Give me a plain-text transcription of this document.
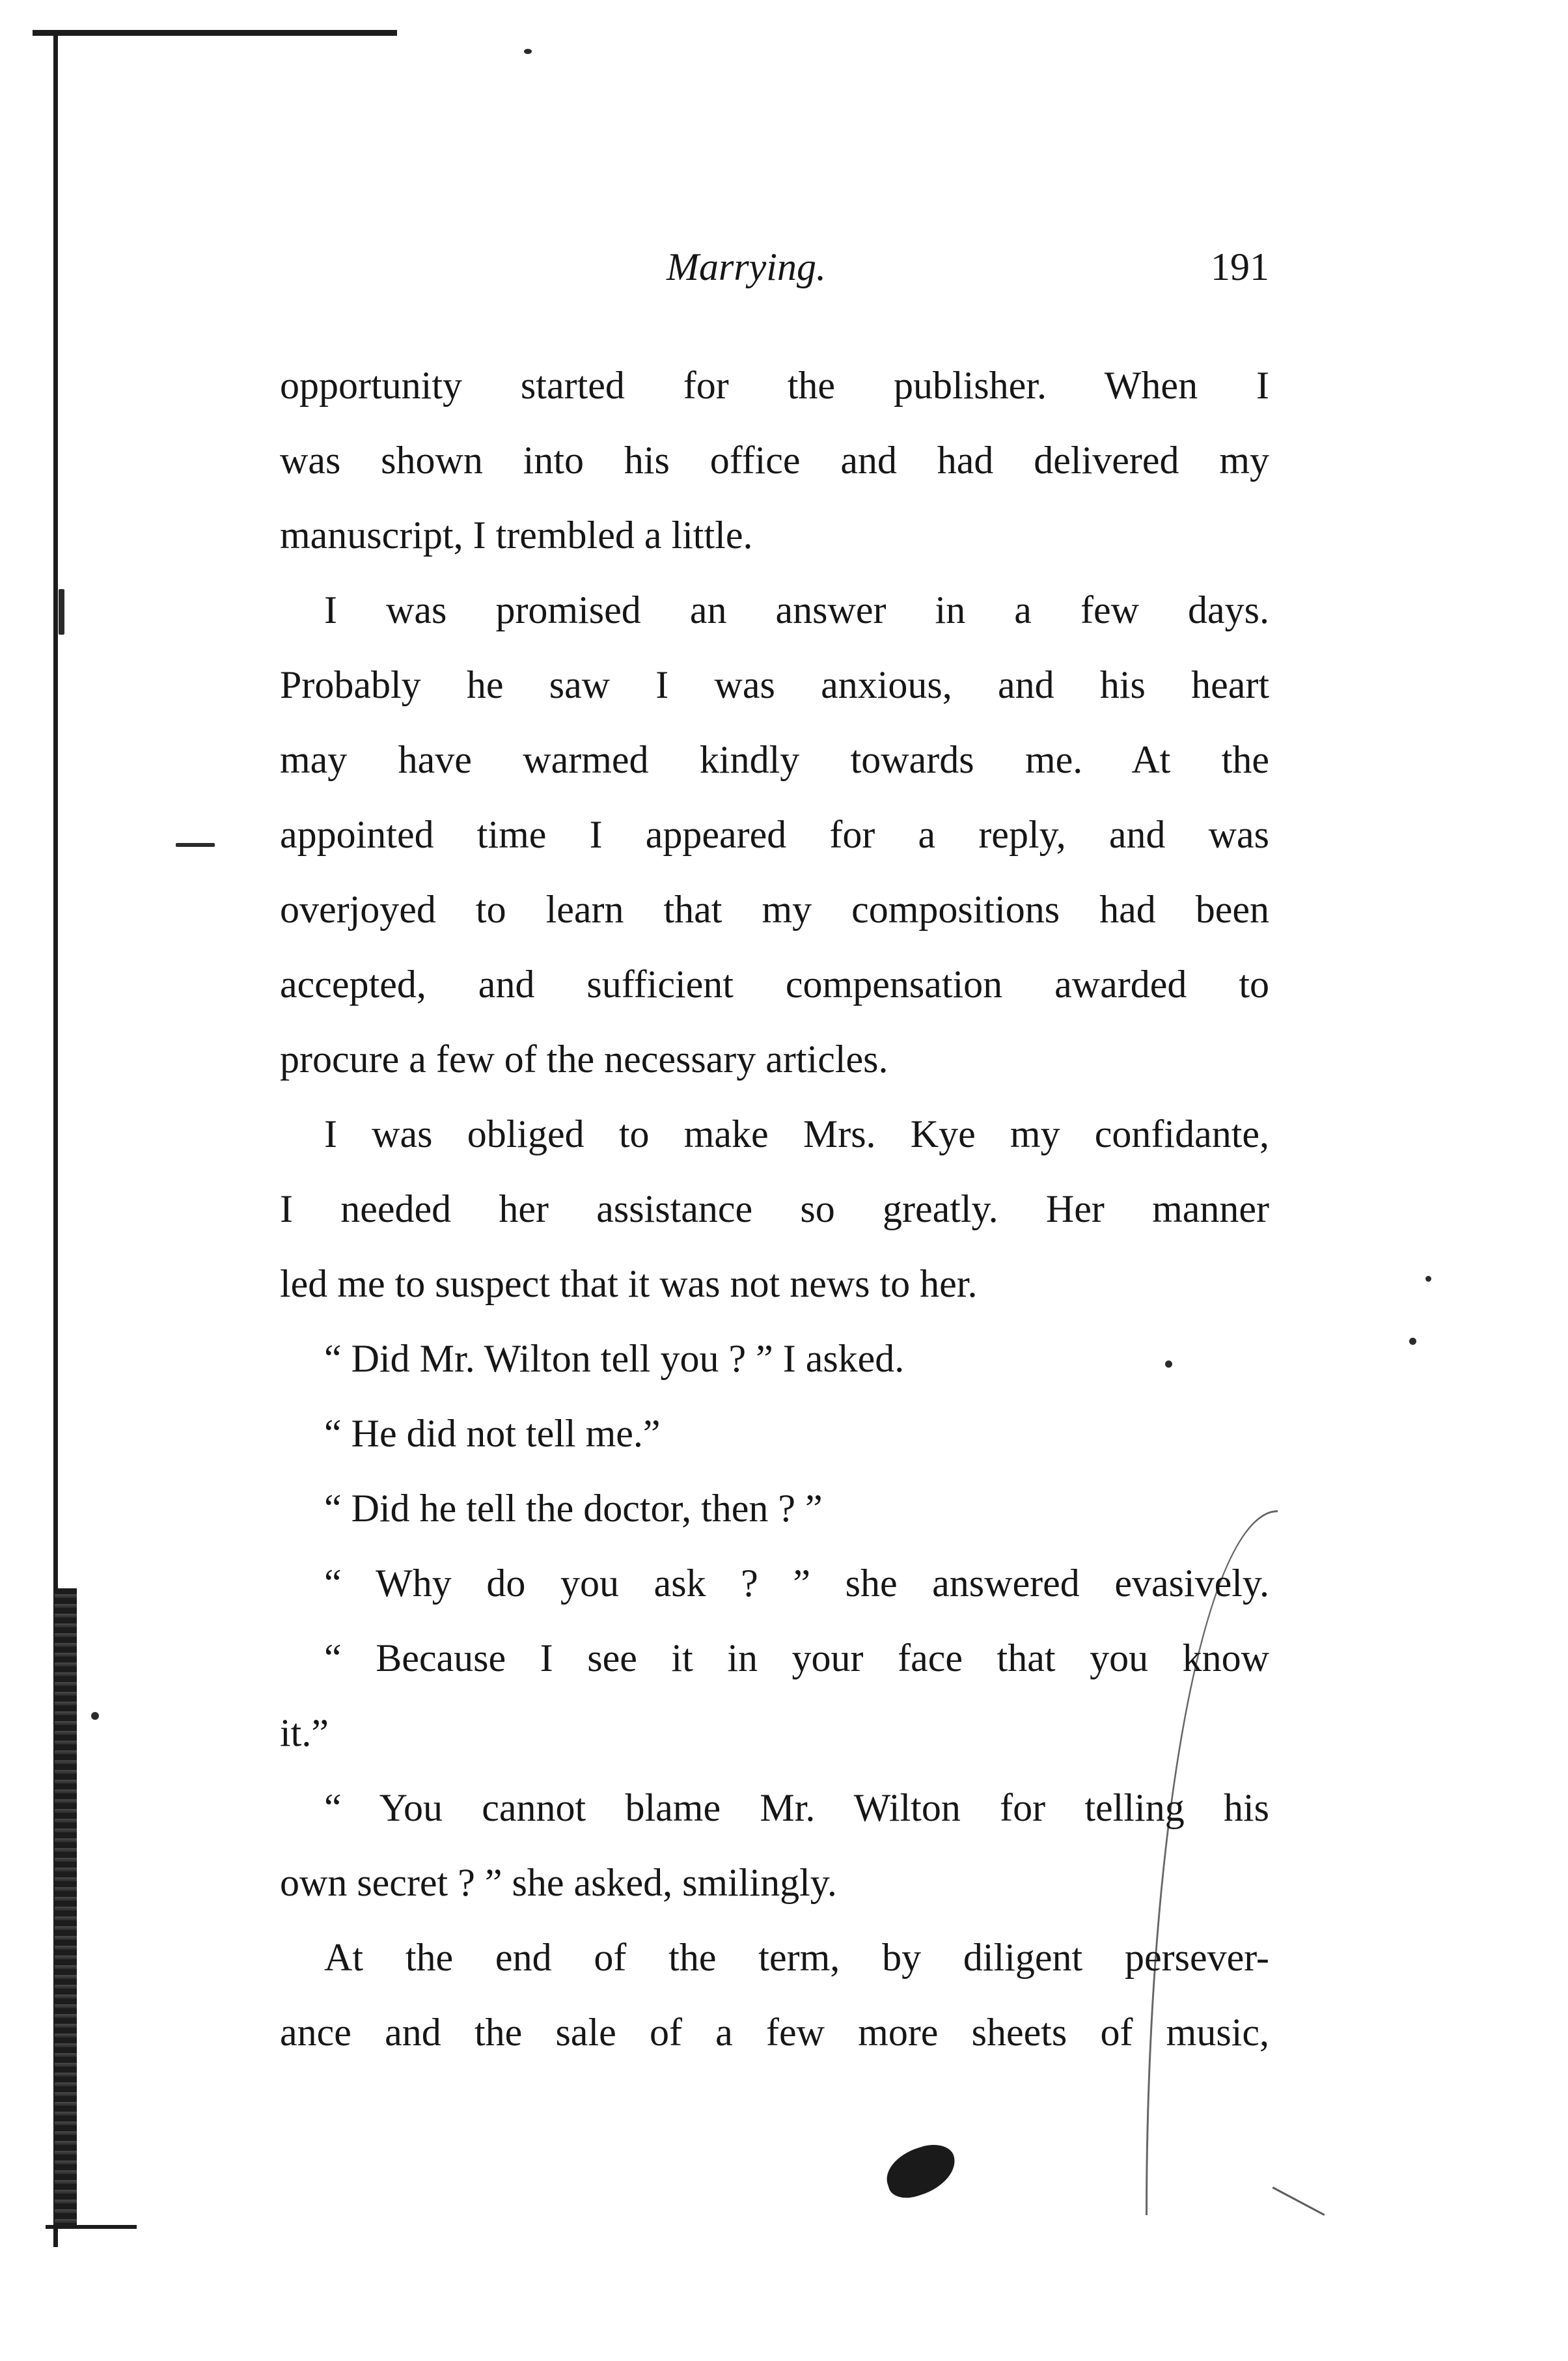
Marrying.	191
opportunity started for the publisher. When I
was shown into his office and had delivered my
manuscript, I trembled a little.
I was promised an answer in a few days.
Probably he saw I was anxious, and his heart
may have warmed kindly towards me. At the
appointed time I appeared for a reply, and was
overjoyed to learn that my compositions had been
accepted, and sufficient compensation awarded to
procure a few of the necessary articles.
I was obliged to make Mrs. Kye my confidante,
I needed her assistance so greatly. Her manner
led me to suspect that it was not news to her.
“ Did Mr. Wilton tell you ? ” I asked.
“ He did not tell me.”
“ Did he tell the doctor, then ? ”
“ Why do you ask ? ” she answered evasively.
“ Because I see it in your face that you know
it.”
“ You cannot blame Mr. Wilton for telling his
own secret ? ” she asked, smilingly.
At the end of the term, by diligent persever-
ance and the sale of a few more sheets of music,
